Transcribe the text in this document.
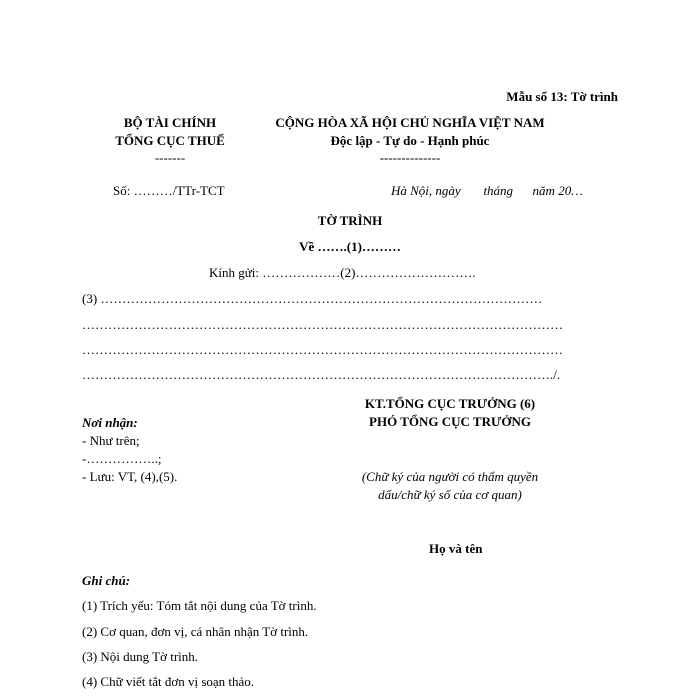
Mẫu số 13: Tờ trình
BỘ TÀI CHÍNH
TỔNG CỤC THUẾ
-------
Số: ………/TTr-TCT
CỘNG HÒA XÃ HỘI CHỦ NGHĨA VIỆT NAM
Độc lập - Tự do - Hạnh phúc
--------------
Hà Nội, ngày       tháng      năm 20…
TỜ TRÌNH
Về …….(1)………
Kính gửi: ………………(2)……………………….
(3) …………………………………………………………………………………………
…………………………………………………………………………………………………
…………………………………………………………………………………………………
………………………………………………………………………………………………./.
KT.TỔNG CỤC TRƯỞNG (6)
PHÓ TỔNG CỤC TRƯỞNG
(Chữ ký của người có thẩm quyền
dấu/chữ ký số của cơ quan)
Họ và tên
Nơi nhận:
- Như trên;
-……………..;
- Lưu: VT, (4),(5).
Ghi chú:
(1) Trích yếu: Tóm tắt nội dung của Tờ trình.
(2) Cơ quan, đơn vị, cá nhân nhận Tờ trình.
(3) Nội dung Tờ trình.
(4) Chữ viết tắt đơn vị soạn thảo.
